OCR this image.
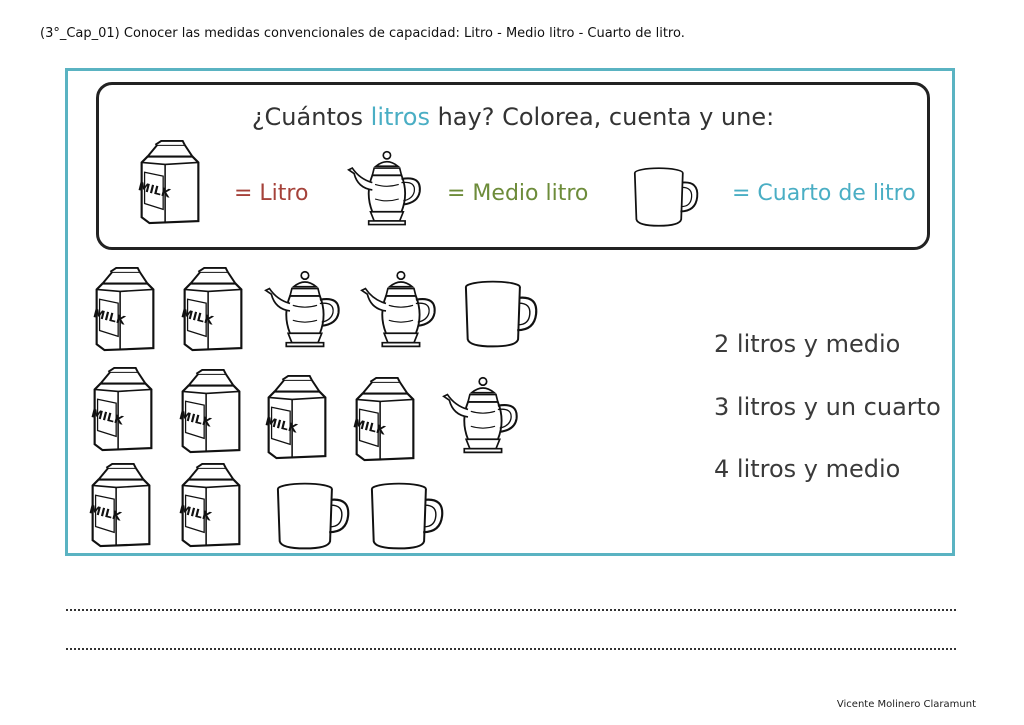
(3°_Cap_01) Conocer las medidas convencionales de capacidad: Litro - Medio litro - Cuarto de litro.
¿Cuántos litros hay? Colorea, cuenta y une:
= Litro	= Medio litro	= Cuarto de litro
2 litros y medio
3 litros y un cuarto
4 litros y medio
Vicente Molinero Claramunt
